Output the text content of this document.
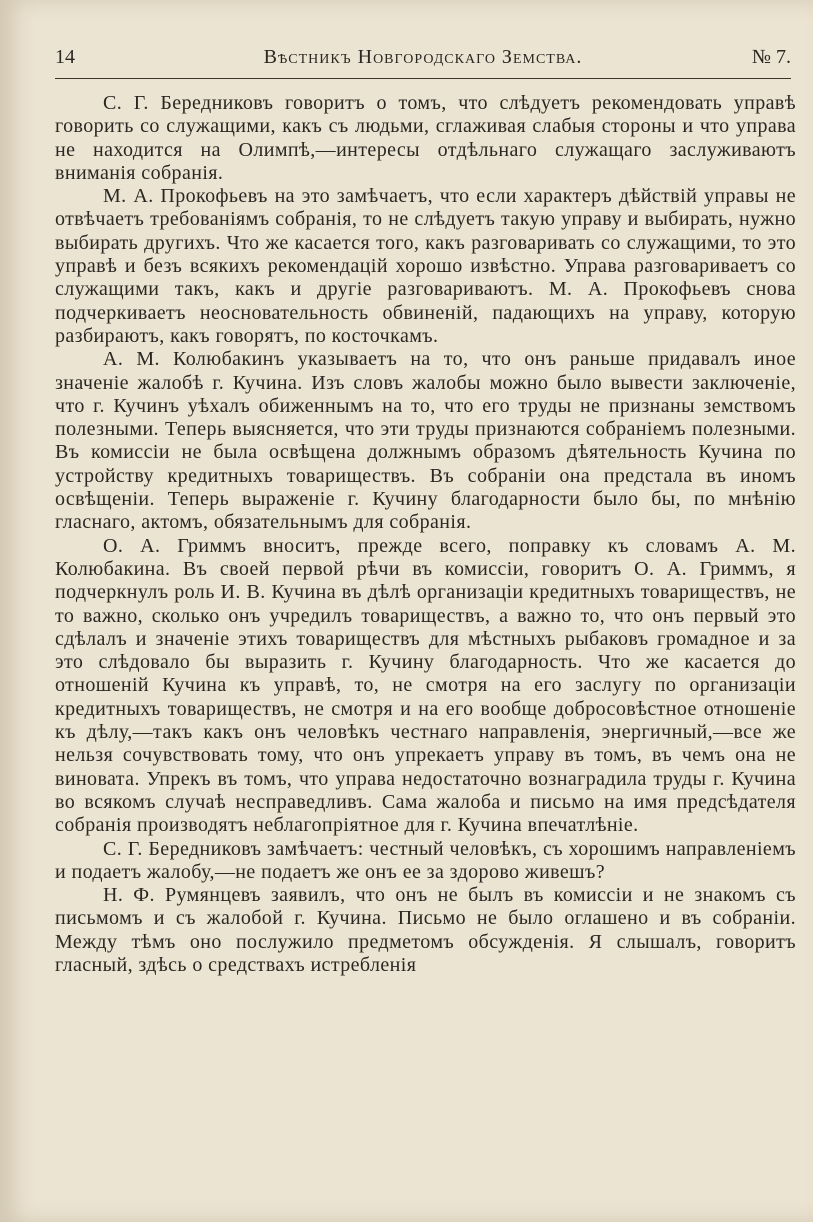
14	Вѣстникъ Новгородскаго Земства.	№ 7.

С. Г. Бередниковъ говоритъ о томъ, что слѣдуетъ рекомендовать управѣ говорить со служащими, какъ съ людьми, сглаживая слабыя стороны и что управа не находится на Олимпѣ,—интересы отдѣльнаго служащаго заслуживаютъ вниманія собранія.

М. А. Прокофьевъ на это замѣчаетъ, что если характеръ дѣйствій управы не отвѣчаетъ требованіямъ собранія, то не слѣдуетъ такую управу и выбирать, нужно выбирать другихъ. Что же касается того, какъ разговаривать со служащими, то это управѣ и безъ всякихъ рекомендацій хорошо извѣстно. Управа разговариваетъ со служащими такъ, какъ и другіе разговариваютъ. М. А. Прокофьевъ снова подчеркиваетъ неосновательность обвиненій, падающихъ на управу, которую разбираютъ, какъ говорятъ, по косточкамъ.

А. М. Колюбакинъ указываетъ на то, что онъ раньше придавалъ иное значеніе жалобѣ г. Кучина. Изъ словъ жалобы можно было вывести заключеніе, что г. Кучинъ уѣхалъ обиженнымъ на то, что его труды не признаны земствомъ полезными. Теперь выясняется, что эти труды признаются собраніемъ полезными. Въ комиссіи не была освѣщена должнымъ образомъ дѣятельность Кучина по устройству кредитныхъ товариществъ. Въ собраніи она предстала въ иномъ освѣщеніи. Теперь выраженіе г. Кучину благодарности было бы, по мнѣнію гласнаго, актомъ, обязательнымъ для собранія.

О. А. Гриммъ вноситъ, прежде всего, поправку къ словамъ А. М. Колюбакина. Въ своей первой рѣчи въ комиссіи, говоритъ О. А. Гриммъ, я подчеркнулъ роль И. В. Кучина въ дѣлѣ организаціи кредитныхъ товариществъ, не то важно, сколько онъ учредилъ товариществъ, а важно то, что онъ первый это сдѣлалъ и значеніе этихъ товариществъ для мѣстныхъ рыбаковъ громадное и за это слѣдовало бы выразить г. Кучину благодарность. Что же касается до отношеній Кучина къ управѣ, то, не смотря на его заслугу по организаціи кредитныхъ товариществъ, не смотря и на его вообще добросовѣстное отношеніе къ дѣлу,—такъ какъ онъ человѣкъ честнаго направленія, энергичный,—все же нельзя сочувствовать тому, что онъ упрекаетъ управу въ томъ, въ чемъ она не виновата. Упрекъ въ томъ, что управа недостаточно вознаградила труды г. Кучина во всякомъ случаѣ несправедливъ. Сама жалоба и письмо на имя предсѣдателя собранія производятъ неблагопріятное для г. Кучина впечатлѣніе.

С. Г. Бередниковъ замѣчаетъ: честный человѣкъ, съ хорошимъ направленіемъ и подаетъ жалобу,—не подаетъ же онъ ее за здорово живешъ?

Н. Ф. Румянцевъ заявилъ, что онъ не былъ въ комиссіи и не знакомъ съ письмомъ и съ жалобой г. Кучина. Письмо не было оглашено и въ собраніи. Между тѣмъ оно послужило предметомъ обсужденія. Я слышалъ, говоритъ гласный, здѣсь о средствахъ истребленія
